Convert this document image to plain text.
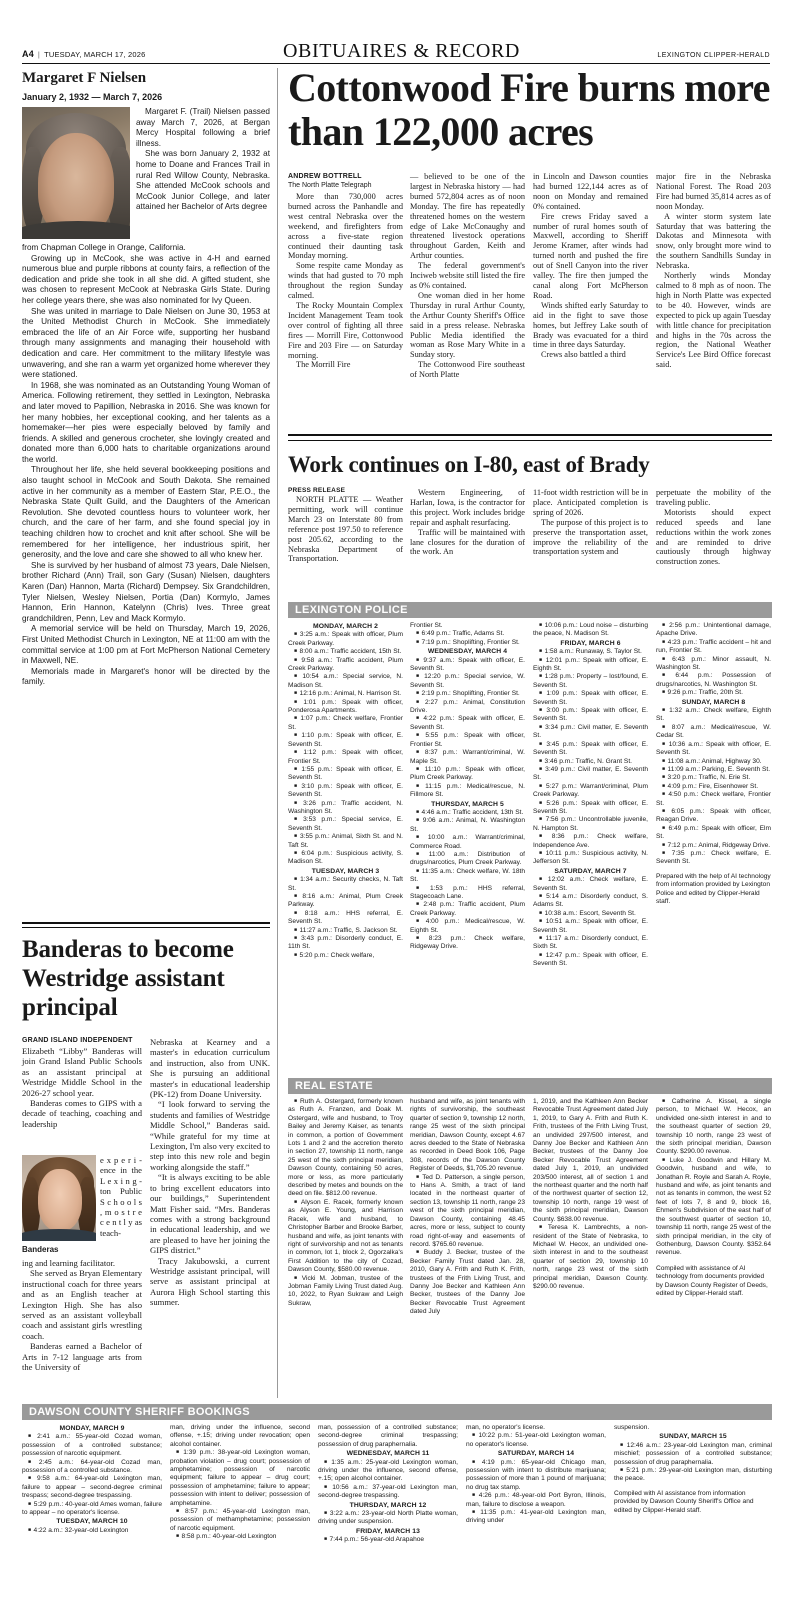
A4 | TUESDAY, MARCH 17, 2026	OBITUAIRES & RECORD	LEXINGTON CLIPPER-HERALD
Margaret F Nielsen
January 2, 1932 — March 7, 2026

Margaret F. (Trail) Nielsen passed away March 7, 2026, at Bergan Mercy Hospital following a brief illness.

She was born January 2, 1932 at home to Doane and Frances Trail in rural Red Willow County, Nebraska. She attended McCook schools and McCook Junior College, and later attained her Bachelor of Arts degree

from Chapman College in Orange, California.

Growing up in McCook, she was active in 4-H and earned numerous blue and purple ribbons at county fairs, a reflection of the dedication and pride she took in all she did. A gifted student, she was chosen to represent McCook at Nebraska Girls State. During her college years there, she was also nominated for Ivy Queen.

She was united in marriage to Dale Nielsen on June 30, 1953 at the United Methodist Church in McCook. She immediately embraced the life of an Air Force wife, supporting her husband through many assignments and managing their household with dedication and care. Her commitment to the military lifestyle was unwavering, and she ran a warm yet organized home wherever they were stationed.

In 1968, she was nominated as an Outstanding Young Woman of America. Following retirement, they settled in Lexington, Nebraska and later moved to Papillion, Nebraska in 2016. She was known for her many hobbies, her exceptional cooking, and her talents as a homemaker—her pies were especially beloved by family and friends. A skilled and generous crocheter, she lovingly created and donated more than 6,000 hats to charitable organizations around the world.

Throughout her life, she held several bookkeeping positions and also taught school in McCook and South Dakota. She remained active in her community as a member of Eastern Star, P.E.O., the Nebraska State Quilt Guild, and the Daughters of the American Revolution. She devoted countless hours to volunteer work, her church, and the care of her farm, and she found special joy in teaching children how to crochet and knit after school. She will be remembered for her intelligence, her industrious spirit, her generosity, and the love and care she showed to all who knew her.

She is survived by her husband of almost 73 years, Dale Nielsen, brother Richard (Ann) Trail, son Gary (Susan) Nielsen, daughters Karen (Dan) Hannon, Marta (Richard) Dempsey. Six Grandchildren, Tyler Nielsen, Wesley Nielsen, Portia (Dan) Kormylo, James Hannon, Erin Hannon, Katelynn (Chris) Ives. Three great grandchildren, Penn, Lev and Mack Kormylo.

A memorial service will be held on Thursday, March 19, 2026, First United Methodist Church in Lexington, NE at 11:00 am with the committal service at 1:00 pm at Fort McPherson National Cemetery in Maxwell, NE.

Memorials made in Margaret's honor will be directed by the family.

Banderas to become Westridge assistant principal
GRAND ISLAND INDEPENDENT

Elizabeth “Libby” Banderas will join Grand Island Public Schools as an assistant principal at Westridge Middle School in the 2026-27 school year.

Banderas comes to GIPS with a decade of teaching, coaching and leadership

e x p e r i - ence in the L e x i n g - ton Public S c h o o l s , m o s t r e c e n t l y as teach-
Banderas

ing and learning facilitator.

She served as Bryan Elementary instructional coach for three years and as an English teacher at Lexington High. She has also served as an assistant volleyball coach and assistant girls wrestling coach.

Banderas earned a Bachelor of Arts in 7-12 language arts from the University of

Nebraska at Kearney and a master's in education curriculum and instruction, also from UNK. She is pursuing an additional master's in educational leadership (PK-12) from Doane University.

“I look forward to serving the students and families of Westridge Middle School,” Banderas said. “While grateful for my time at Lexington, I'm also very excited to step into this new role and begin working alongside the staff.”

“It is always exciting to be able to bring excellent educators into our buildings,” Superintendent Matt Fisher said. “Mrs. Banderas comes with a strong background in educational leadership, and we are pleased to have her joining the GIPS district.”

Tracy Jakubowski, a current Westridge assistant principal, will serve as assistant principal at Aurora High School starting this summer.

Cottonwood Fire burns more than 122,000 acres
ANDREW BOTTRELL
The North Platte Telegraph

More than 730,000 acres burned across the Panhandle and west central Nebraska over the weekend, and firefighters from across a five-state region continued their daunting task Monday morning.

Some respite came Monday as winds that had gusted to 70 mph throughout the region Sunday calmed.

The Rocky Mountain Complex Incident Management Team took over control of fighting all three fires — Morrill Fire, Cottonwood Fire and 203 Fire — on Saturday morning.

The Morrill Fire

— believed to be one of the largest in Nebraska history — had burned 572,804 acres as of noon Monday. The fire has repeatedly threatened homes on the western edge of Lake McConaughy and threatened livestock operations throughout Garden, Keith and Arthur counties.

The federal government's Inciweb website still listed the fire as 0% contained.

One woman died in her home Thursday in rural Arthur County, the Arthur County Sheriff's Office said in a press release. Nebraska Public Media identified the woman as Rose Mary White in a Sunday story.

The Cottonwood Fire southeast of North Platte

in Lincoln and Dawson counties had burned 122,144 acres as of noon on Monday and remained 0% contained.

Fire crews Friday saved a number of rural homes south of Maxwell, according to Sheriff Jerome Kramer, after winds had turned north and pushed the fire out of Snell Canyon into the river valley. The fire then jumped the canal along Fort McPherson Road.

Winds shifted early Saturday to aid in the fight to save those homes, but Jeffrey Lake south of Brady was evacuated for a third time in three days Saturday.

Crews also battled a third

major fire in the Nebraska National Forest. The Road 203 Fire had burned 35,814 acres as of noon Monday.

A winter storm system late Saturday that was battering the Dakotas and Minnesota with snow, only brought more wind to the southern Sandhills Sunday in Nebraska.

Northerly winds Monday calmed to 8 mph as of noon. The high in North Platte was expected to be 40. However, winds are expected to pick up again Tuesday with little chance for precipitation and highs in the 70s across the region, the National Weather Service's Lee Bird Office forecast said.

Work continues on I-80, east of Brady
PRESS RELEASE

NORTH PLATTE — Weather permitting, work will continue March 23 on Interstate 80 from reference post 197.50 to reference post 205.62, according to the Nebraska Department of Transportation.

Western Engineering, of Harlan, Iowa, is the contractor for this project. Work includes bridge repair and asphalt resurfacing.

Traffic will be maintained with lane closures for the duration of the work. An

11-foot width restriction will be in place. Anticipated completion is spring of 2026.

The purpose of this project is to preserve the transportation asset, improve the reliability of the transportation system and

perpetuate the mobility of the traveling public.

Motorists should expect reduced speeds and lane reductions within the work zones and are reminded to drive cautiously through highway construction zones.

LEXINGTON POLICE
MONDAY, MARCH 2
■ 3:25 a.m.: Speak with officer, Plum Creek Parkway.
■ 8:00 a.m.: Traffic accident, 15th St.
■ 9:58 a.m.: Traffic accident, Plum Creek Parkway.
■ 10:54 a.m.: Special service, N. Madison St.
■ 12:16 p.m.: Animal, N. Harrison St.
■ 1:01 p.m.: Speak with officer, Ponderosa Apartments.
■ 1:07 p.m.: Check welfare, Frontier St.
■ 1:10 p.m.: Speak with officer, E. Seventh St.
■ 1:12 p.m.: Speak with officer, Frontier St.
■ 1:55 p.m.: Speak with officer, E. Seventh St.
■ 3:10 p.m.: Speak with officer, E. Seventh St.
■ 3:26 p.m.: Traffic accident, N. Washington St.
■ 3:53 p.m.: Special service, E. Seventh St.
■ 3:55 p.m.: Animal, Sixth St. and N. Taft St.
■ 6:04 p.m.: Suspicious activity, S. Madison St.
TUESDAY, MARCH 3
■ 1:34 a.m.: Security checks, N. Taft St.
■ 8:16 a.m.: Animal, Plum Creek Parkway.
■ 8:18 a.m.: HHS referral, E. Seventh St.
■ 11:27 a.m.: Traffic, S. Jackson St.
■ 3:43 p.m.: Disorderly conduct, E. 11th St.
■ 5:20 p.m.: Check welfare,
Frontier St.
■ 6:49 p.m.: Traffic, Adams St.
■ 7:19 p.m.: Shoplifting, Frontier St.
WEDNESDAY, MARCH 4
■ 9:37 a.m.: Speak with officer, E. Seventh St.
■ 12:20 p.m.: Special service, W. Seventh St.
■ 2:19 p.m.: Shoplifting, Frontier St.
■ 2:27 p.m.: Animal, Constitution Drive.
■ 4:22 p.m.: Speak with officer, E. Seventh St.
■ 5:55 p.m.: Speak with officer, Frontier St.
■ 8:37 p.m.: Warrant/criminal, W. Maple St.
■ 11:10 p.m.: Speak with officer, Plum Creek Parkway.
■ 11:15 p.m.: Medical/rescue, N. Fillmore St.
THURSDAY, MARCH 5
■ 4:46 a.m.: Traffic accident, 13th St.
■ 9:06 a.m.: Animal, N. Washington St.
■ 10:00 a.m.: Warrant/criminal, Commerce Road.
■ 11:00 a.m.: Distribution of drugs/narcotics, Plum Creek Parkway.
■ 11:35 a.m.: Check welfare, W. 18th St.
■ 1:53 p.m.: HHS referral, Stagecoach Lane.
■ 2:48 p.m.: Traffic accident, Plum Creek Parkway.
■ 4:00 p.m.: Medical/rescue, W. Eighth St.
■ 8:23 p.m.: Check welfare, Ridgeway Drive.
■ 10:06 p.m.: Loud noise – disturbing the peace, N. Madison St.
FRIDAY, MARCH 6
■ 1:58 a.m.: Runaway, S. Taylor St.
■ 12:01 p.m.: Speak with officer, E. Eighth St.
■ 1:28 p.m.: Property – lost/found, E. Seventh St.
■ 1:09 p.m.: Speak with officer, E. Seventh St.
■ 3:00 p.m.: Speak with officer, E. Seventh St.
■ 3:34 p.m.: Civil matter, E. Seventh St.
■ 3:45 p.m.: Speak with officer, E. Seventh St.
■ 3:46 p.m.: Traffic, N. Grant St.
■ 3:49 p.m.: Civil matter, E. Seventh St.
■ 5:27 p.m.: Warrant/criminal, Plum Creek Parkway.
■ 5:26 p.m.: Speak with officer, E. Seventh St.
■ 7:56 p.m.: Uncontrollable juvenile, N. Hampton St.
■ 8:36 p.m.: Check welfare, Independence Ave.
■ 10:11 p.m.: Suspicious activity, N. Jefferson St.
SATURDAY, MARCH 7
■ 12:02 a.m.: Check welfare, E. Seventh St.
■ 5:14 a.m.: Disorderly conduct, S. Adams St.
■ 10:38 a.m.: Escort, Seventh St.
■ 10:51 a.m.: Speak with officer, E. Seventh St.
■ 11:17 a.m.: Disorderly conduct, E. Sixth St.
■ 12:47 p.m.: Speak with officer, E. Seventh St.
■ 2:56 p.m.: Unintentional damage, Apache Drive.
■ 4:23 p.m.: Traffic accident – hit and run, Frontier St.
■ 6:43 p.m.: Minor assault, N. Washington St.
■ 6:44 p.m.: Possession of drugs/narcotics, N. Washington St.
■ 9:26 p.m.: Traffic, 20th St.
SUNDAY, MARCH 8
■ 1:32 a.m.: Check welfare, Eighth St.
■ 8:07 a.m.: Medical/rescue, W. Cedar St.
■ 10:36 a.m.: Speak with officer, E. Seventh St.
■ 11:08 a.m.: Animal, Highway 30.
■ 11:09 a.m.: Parking, E. Seventh St.
■ 3:20 p.m.: Traffic, N. Erie St.
■ 4:09 p.m.: Fire, Eisenhower St.
■ 4:50 p.m.: Check welfare, Frontier St.
■ 6:05 p.m.: Speak with officer, Reagan Drive.
■ 6:49 p.m.: Speak with officer, Elm St.
■ 7:12 p.m.: Animal, Ridgeway Drive.
■ 7:35 p.m.: Check welfare, E. Seventh St.
Prepared with the help of AI technology from information provided by Lexington Police and edited by Clipper-Herald staff.
REAL ESTATE
■ Ruth A. Ostergard, formerly known as Ruth A. Franzen, and Doak M. Ostergard, wife and husband, to Troy Bailey and Jeremy Kaiser, as tenants in common, a portion of Government Lots 1 and 2 and the accretion thereto in section 27, township 11 north, range 25 west of the sixth principal meridian, Dawson County, containing 50 acres, more or less, as more particularly described by metes and bounds on the deed on file. $812.00 revenue.
■ Alyson E. Racek, formerly known as Alyson E. Young, and Harrison Racek, wife and husband, to Christopher Barber and Brooke Barber, husband and wife, as joint tenants with right of survivorship and not as tenants in common, lot 1, block 2, Ogorzalka's First Addition to the city of Cozad, Dawson County, $580.00 revenue.
■ Vicki M. Jobman, trustee of the Jobman Family Living Trust dated Aug. 10, 2022, to Ryan Sukraw and Leigh Sukraw,
husband and wife, as joint tenants with rights of survivorship, the southeast quarter of section 9, township 12 north, range 25 west of the sixth principal meridian, Dawson County, except 4.67 acres deeded to the State of Nebraska as recorded in Deed Book 106, Page 308, records of the Dawson County Register of Deeds, $1,705.20 revenue.
■ Ted D. Patterson, a single person, to Hans A. Smith, a tract of land located in the northeast quarter of section 13, township 11 north, range 23 west of the sixth principal meridian, Dawson County, containing 48.45 acres, more or less, subject to county road right-of-way and easements of record. $765.60 revenue.
■ Buddy J. Becker, trustee of the Becker Family Trust dated Jan. 28, 2010, Gary A. Frith and Ruth K. Frith, trustees of the Frith Living Trust, and Danny Joe Becker and Kathleen Ann Becker, trustees of the Danny Joe Becker Revocable Trust Agreement dated July
1, 2019, and the Kathleen Ann Becker Revocable Trust Agreement dated July 1, 2019, to Gary A. Frith and Ruth K. Frith, trustees of the Frith Living Trust, an undivided 297/500 interest, and Danny Joe Becker and Kathleen Ann Becker, trustees of the Danny Joe Becker Revocable Trust Agreement dated July 1, 2019, an undivided 203/500 interest, all of section 1 and the northeast quarter and the north half of the northwest quarter of section 12, township 10 north, range 19 west of the sixth principal meridian, Dawson County. $638.00 revenue.
■ Teresa K. Lambrechts, a non-resident of the State of Nebraska, to Michael W. Hecox, an undivided one-sixth interest in and to the southeast quarter of section 29, township 10 north, range 23 west of the sixth principal meridian, Dawson County. $290.00 revenue.
■ Catherine A. Kissel, a single person, to Michael W. Hecox, an undivided one-sixth interest in and to the southeast quarter of section 29, township 10 north, range 23 west of the sixth principal meridian, Dawson County. $290.00 revenue.
■ Luke J. Goodwin and Hillary M. Goodwin, husband and wife, to Jonathan R. Royle and Sarah A. Royle, husband and wife, as joint tenants and not as tenants in common, the west 52 feet of lots 7, 8 and 9, block 16, Ehmen's Subdivision of the east half of the southwest quarter of section 10, township 11 north, range 25 west of the sixth principal meridian, in the city of Gothenburg, Dawson County. $352.64 revenue.
Compiled with assistance of AI technology from documents provided by Dawson County Register of Deeds, edited by Clipper-Herald staff.
DAWSON COUNTY SHERIFF BOOKINGS
MONDAY, MARCH 9
■ 2:41 a.m.: 55-year-old Cozad woman, possession of a controlled substance; possession of narcotic equipment.
■ 2:45 a.m.: 64-year-old Cozad man, possession of a controlled substance.
■ 9:58 a.m.: 64-year-old Lexington man, failure to appear – second-degree criminal trespass; second-degree trespassing.
■ 5:29 p.m.: 40-year-old Ames woman, failure to appear – no operator's license.
TUESDAY, MARCH 10
■ 4:22 a.m.: 32-year-old Lexington
man, driving under the influence, second offense, +.15; driving under revocation; open alcohol container.
■ 1:39 p.m.: 38-year-old Lexington woman, probation violation – drug court; possession of amphetamine; possession of narcotic equipment; failure to appear – drug court; possession of amphetamine; failure to appear; possession with intent to deliver; possession of amphetamine.
■ 8:57 p.m.: 45-year-old Lexington man, possession of methamphetamine; possession of narcotic equipment.
■ 8:58 p.m.: 40-year-old Lexington
man, possession of a controlled substance; second-degree criminal trespassing; possession of drug paraphernalia.
WEDNESDAY, MARCH 11
■ 1:35 a.m.: 25-year-old Lexington woman, driving under the influence, second offense, +.15; open alcohol container.
■ 10:56 a.m.: 37-year-old Lexington man, second-degree trespassing.
THURSDAY, MARCH 12
■ 3:22 a.m.: 23-year-old North Platte woman, driving under suspension.
FRIDAY, MARCH 13
■ 7:44 p.m.: 56-year-old Arapahoe
man, no operator's license.
■ 10:22 p.m.: 51-year-old Lexington woman, no operator's license.
SATURDAY, MARCH 14
■ 4:19 p.m.: 65-year-old Chicago man, possession with intent to distribute marijuana; possession of more than 1 pound of marijuana; no drug tax stamp.
■ 4:26 p.m.: 48-year-old Port Byron, Illinois, man, failure to disclose a weapon.
■ 11:35 p.m.: 41-year-old Lexington man, driving under
suspension.
SUNDAY, MARCH 15
■ 12:46 a.m.: 23-year-old Lexington man, criminal mischief; possession of a controlled substance; possession of drug paraphernalia.
■ 5:21 p.m.: 29-year-old Lexington man, disturbing the peace.
Compiled with AI assistance from information provided by Dawson County Sheriff's Office and edited by Clipper-Herald staff.
